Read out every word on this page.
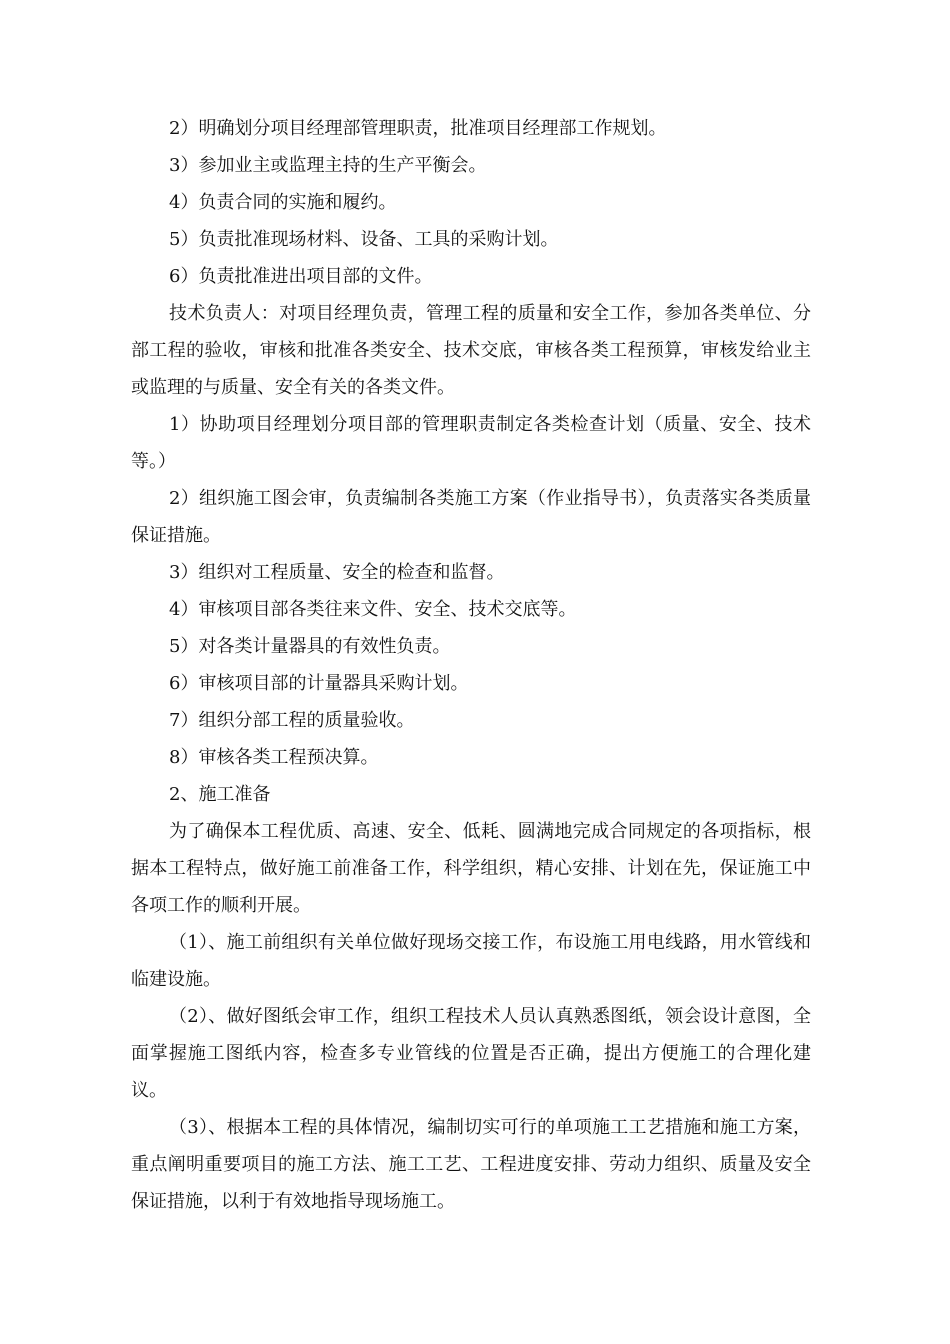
2）明确划分项目经理部管理职责，批准项目经理部工作规划。

3）参加业主或监理主持的生产平衡会。

4）负责合同的实施和履约。

5）负责批准现场材料、设备、工具的采购计划。

6）负责批准进出项目部的文件。

技术负责人：对项目经理负责，管理工程的质量和安全工作，参加各类单位、分部工程的验收，审核和批准各类安全、技术交底，审核各类工程预算，审核发给业主或监理的与质量、安全有关的各类文件。

1）协助项目经理划分项目部的管理职责制定各类检查计划（质量、安全、技术等。）

2）组织施工图会审，负责编制各类施工方案（作业指导书），负责落实各类质量保证措施。

3）组织对工程质量、安全的检查和监督。

4）审核项目部各类往来文件、安全、技术交底等。

5）对各类计量器具的有效性负责。

6）审核项目部的计量器具采购计划。

7）组织分部工程的质量验收。

8）审核各类工程预决算。

2、施工准备

为了确保本工程优质、高速、安全、低耗、圆满地完成合同规定的各项指标，根据本工程特点，做好施工前准备工作，科学组织，精心安排、计划在先，保证施工中各项工作的顺利开展。

（1）、施工前组织有关单位做好现场交接工作，布设施工用电线路，用水管线和临建设施。

（2）、做好图纸会审工作，组织工程技术人员认真熟悉图纸，领会设计意图，全面掌握施工图纸内容，检查多专业管线的位置是否正确，提出方便施工的合理化建议。

（3）、根据本工程的具体情况，编制切实可行的单项施工工艺措施和施工方案，重点阐明重要项目的施工方法、施工工艺、工程进度安排、劳动力组织、质量及安全保证措施，以利于有效地指导现场施工。
